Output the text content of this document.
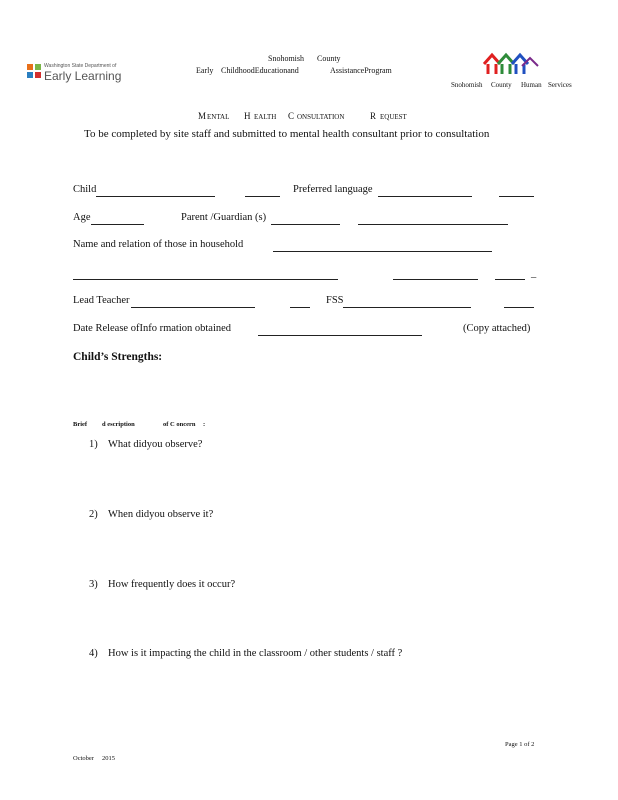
Washington State Department of
Early Learning
Snohomish County
Early ChildhoodEducationand	AssistanceProgram
Snohomish County Human Services
M ENTAL H EALTH C ONSULTATION	R EQUEST
To be completed by site staff and submitted to mental health consultant prior to consultation
Child	Preferred language
Age	Parent /Guardian (s)
Name and relation of those in household
_
Lead Teacher	FSS
Date Release ofInfo rmation obtained	(Copy attached)
Child’s Strengths:
Brief d escription	of C oncern :
1) What didyou observe?
2) When didyou observe it?
3) How frequently does it occur?
4) How is it impacting the child in the classroom / other students / staff ?
Page 1 of 2
October 2015
